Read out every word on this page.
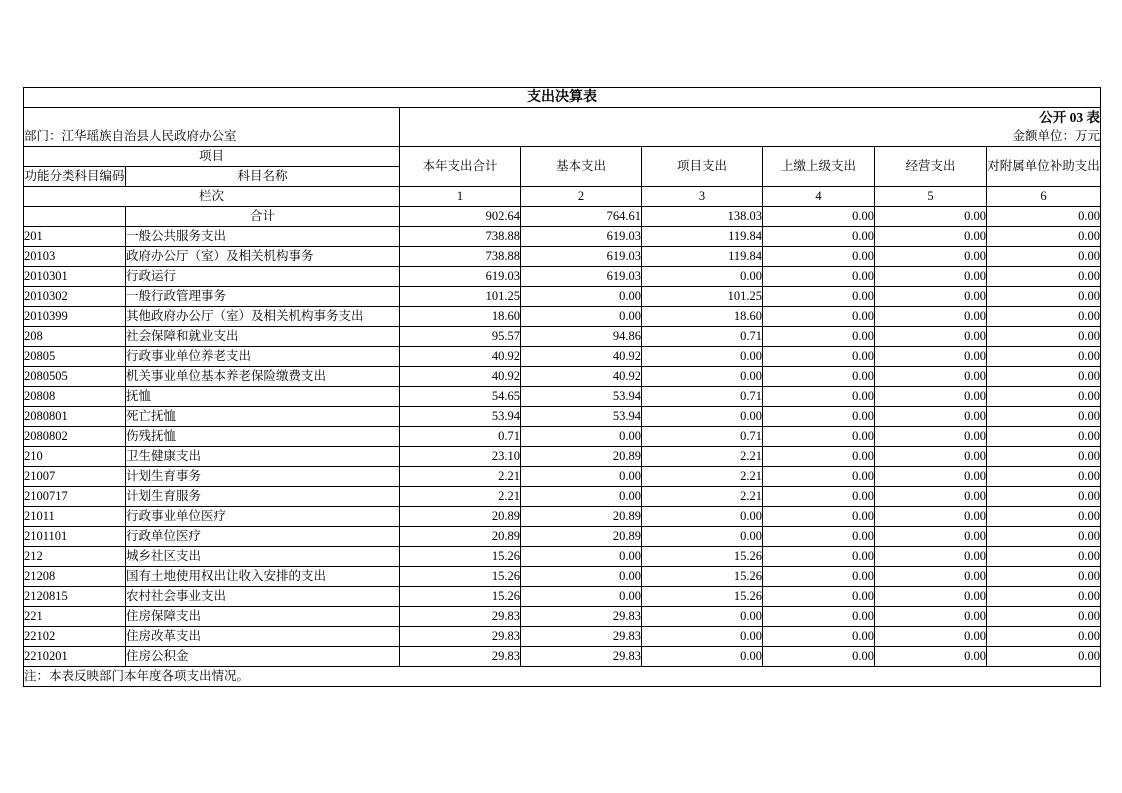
支出决算表							
		公开 03 表					
部门：江华瑶族自治县人民政府办公室		金额单位：万元					
项目		本年支出合计	基本支出	项目支出	上缴上级支出	经营支出	对附属单位补助支出
功能分类科目编码	科目名称						
栏次		1	2	3	4	5	6
	合计	902.64	764.61	138.03	0.00	0.00	0.00
201	一般公共服务支出	738.88	619.03	119.84	0.00	0.00	0.00
20103	政府办公厅（室）及相关机构事务	738.88	619.03	119.84	0.00	0.00	0.00
2010301	行政运行	619.03	619.03	0.00	0.00	0.00	0.00
2010302	一般行政管理事务	101.25	0.00	101.25	0.00	0.00	0.00
2010399	其他政府办公厅（室）及相关机构事务支出	18.60	0.00	18.60	0.00	0.00	0.00
208	社会保障和就业支出	95.57	94.86	0.71	0.00	0.00	0.00
20805	行政事业单位养老支出	40.92	40.92	0.00	0.00	0.00	0.00
2080505	机关事业单位基本养老保险缴费支出	40.92	40.92	0.00	0.00	0.00	0.00
20808	抚恤	54.65	53.94	0.71	0.00	0.00	0.00
2080801	死亡抚恤	53.94	53.94	0.00	0.00	0.00	0.00
2080802	伤残抚恤	0.71	0.00	0.71	0.00	0.00	0.00
210	卫生健康支出	23.10	20.89	2.21	0.00	0.00	0.00
21007	计划生育事务	2.21	0.00	2.21	0.00	0.00	0.00
2100717	计划生育服务	2.21	0.00	2.21	0.00	0.00	0.00
21011	行政事业单位医疗	20.89	20.89	0.00	0.00	0.00	0.00
2101101	行政单位医疗	20.89	20.89	0.00	0.00	0.00	0.00
212	城乡社区支出	15.26	0.00	15.26	0.00	0.00	0.00
21208	国有土地使用权出让收入安排的支出	15.26	0.00	15.26	0.00	0.00	0.00
2120815	农村社会事业支出	15.26	0.00	15.26	0.00	0.00	0.00
221	住房保障支出	29.83	29.83	0.00	0.00	0.00	0.00
22102	住房改革支出	29.83	29.83	0.00	0.00	0.00	0.00
2210201	住房公积金	29.83	29.83	0.00	0.00	0.00	0.00
注：本表反映部门本年度各项支出情况。							
